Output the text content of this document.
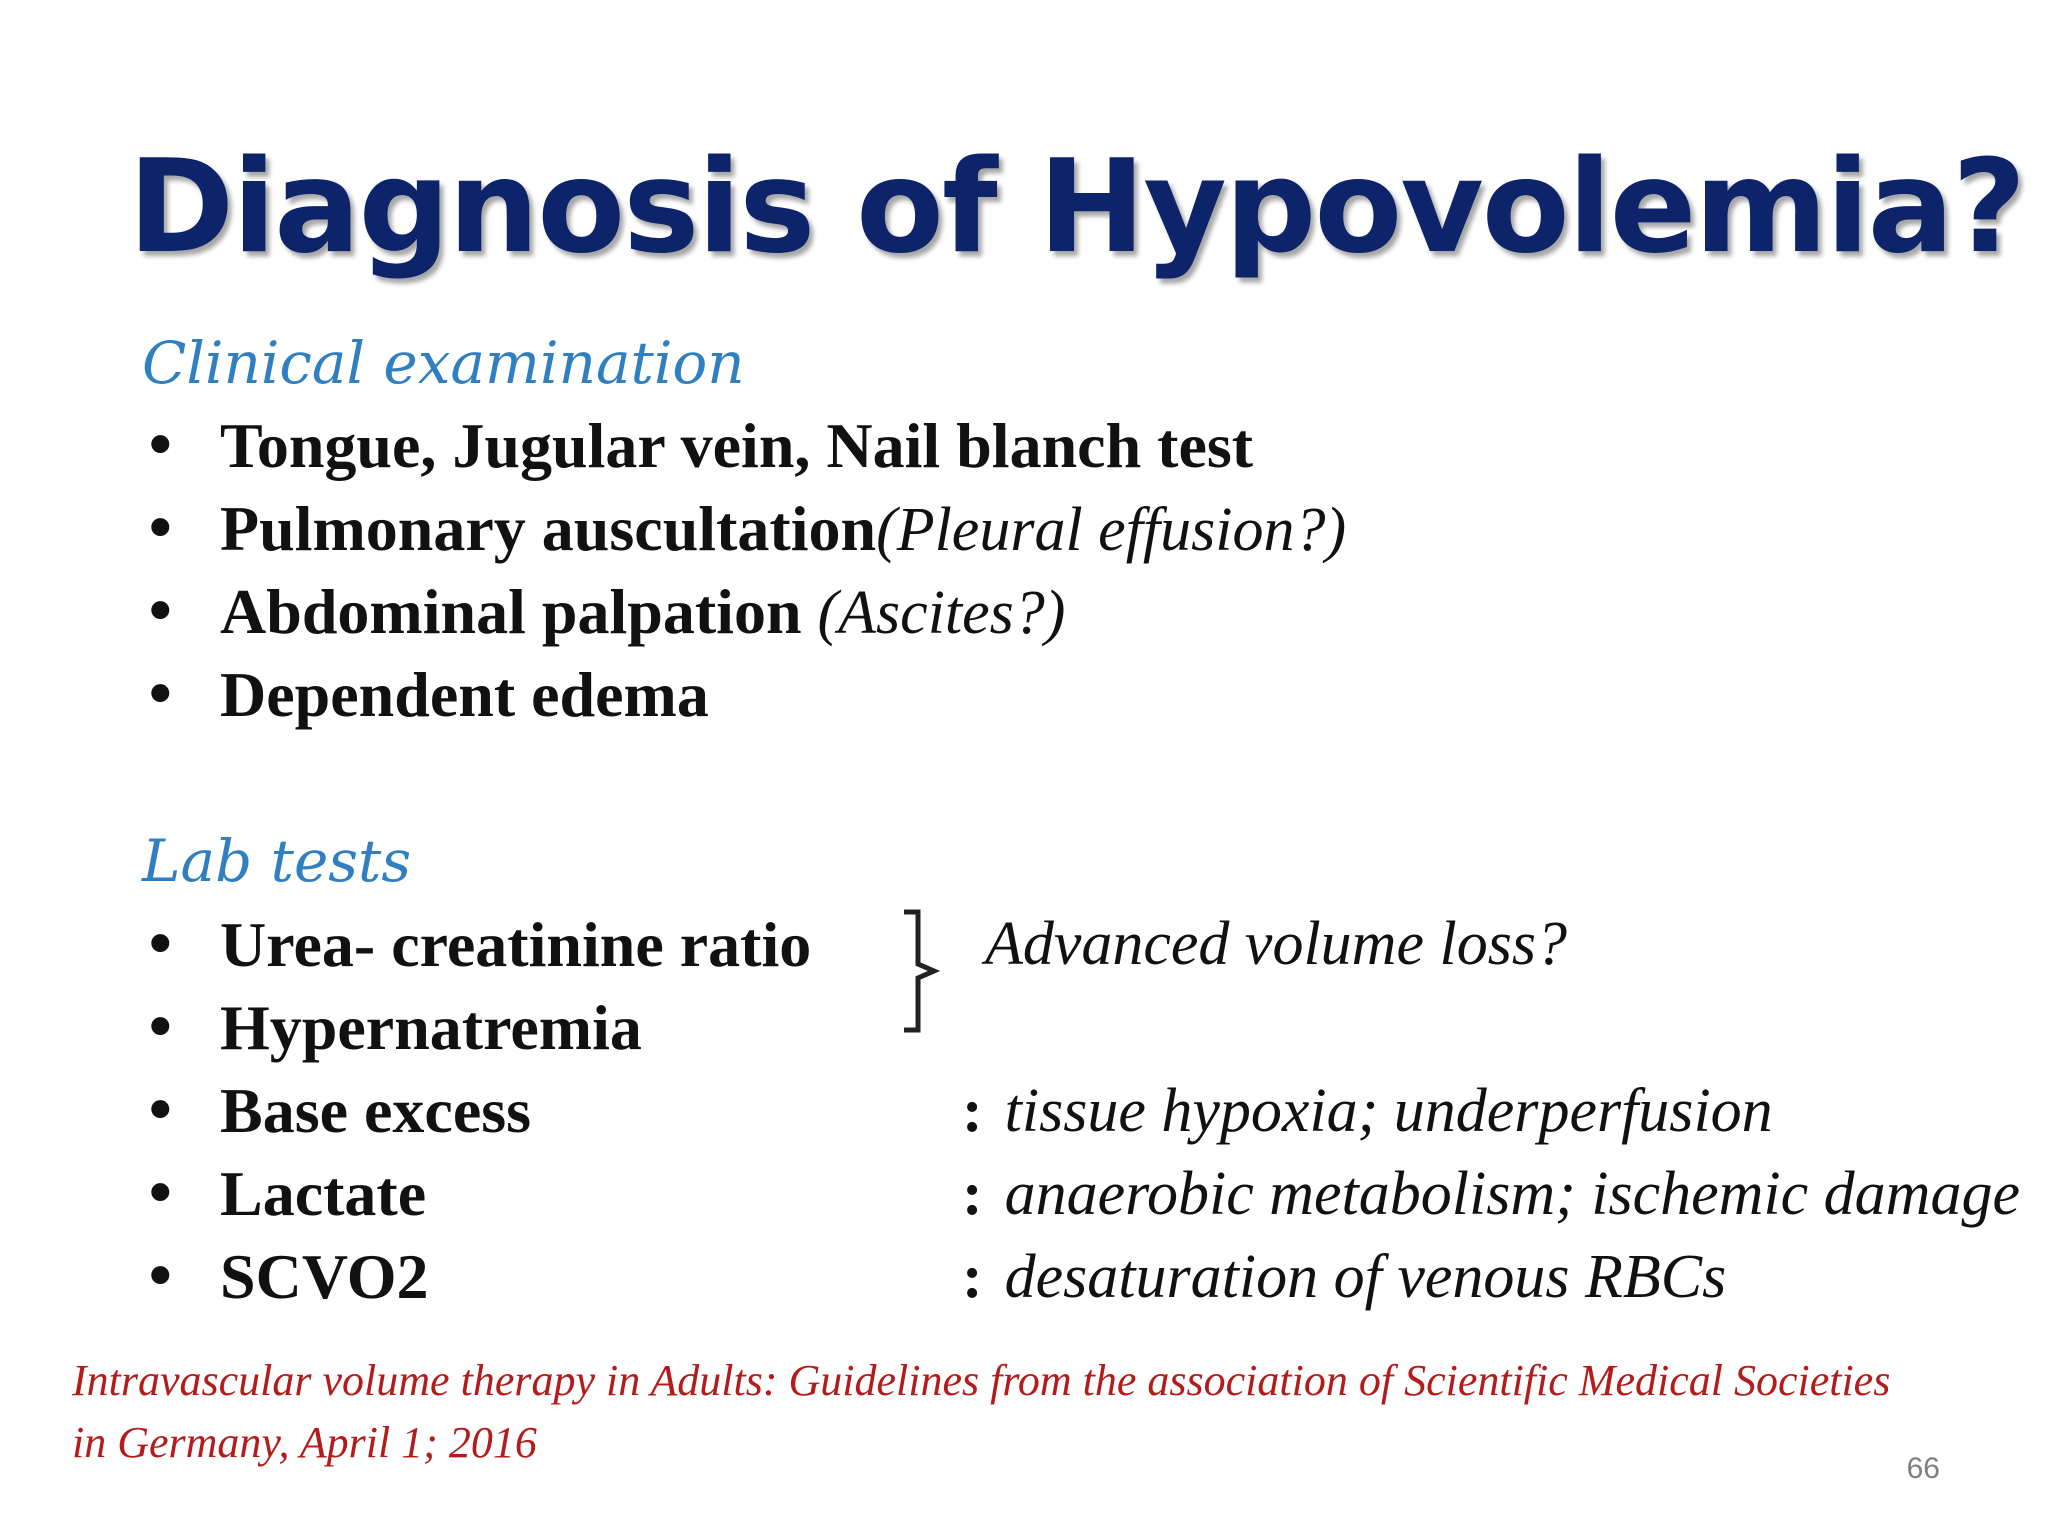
Diagnosis of Hypovolemia?
Clinical examination
• Tongue, Jugular vein, Nail blanch test
• Pulmonary auscultation(Pleural effusion?)
• Abdominal palpation (Ascites?)
• Dependent edema
Lab tests
• Urea- creatinine ratio
• Hypernatremia
• Base excess	: tissue hypoxia; underperfusion
• Lactate	: anaerobic metabolism; ischemic damage
• SCVO2	: desaturation of venous RBCs
Advanced volume loss?
Intravascular volume therapy in Adults: Guidelines from the association of Scientific Medical Societies in Germany, April 1; 2016
66
